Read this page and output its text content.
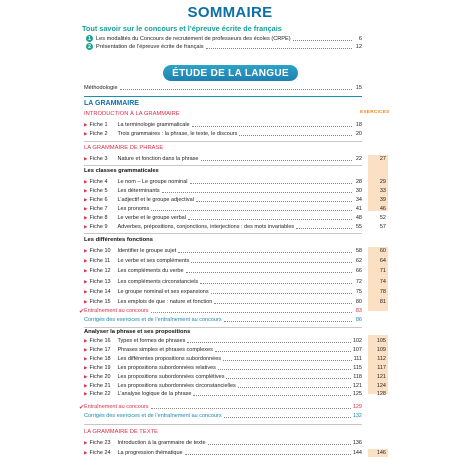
SOMMAIRE
Tout savoir sur le concours et l’épreuve écrite de français
1 Les modalités du Concours de recrutement de professeurs des écoles (CRPE)	6
2 Présentation de l’épreuve écrite de français	12
ÉTUDE DE LA LANGUE
Méthodologie	15
LA GRAMMAIRE
EXERCICES
INTRODUCTION À LA GRAMMAIRE
▶ Fiche 1	La terminologie grammaticale	18
▶ Fiche 2	Trois grammaires : la phrase, le texte, le discours	20
LA GRAMMAIRE DE PHRASE
▶ Fiche 3	Nature et fonction dans la phrase	22	27
Les classes grammaticales
▶ Fiche 4	Le nom – Le groupe nominal	28	29
▶ Fiche 5	Les déterminants	30	33
▶ Fiche 6	L’adjectif et le groupe adjectival	34	39
▶ Fiche 7	Les pronoms	41	46
▶ Fiche 8	Le verbe et le groupe verbal	48	52
▶ Fiche 9	Adverbes, prépositions, conjonctions, interjections : des mots invariables	55	57
Les différentes fonctions
▶ Fiche 10	Identifier le groupe sujet	58	60
▶ Fiche 11	Le verbe et ses compléments	62	64
▶ Fiche 12	Les compléments du verbe	66	71
▶ Fiche 13	Les compléments circonstanciels	72	74
▶ Fiche 14	Le groupe nominal et ses expansions	75	78
▶ Fiche 15	Les emplois de que : nature et fonction	80	81
✔ Entraînement au concours	83
Corrigés des exercices et de l’entraînement au concours	86
Analyser la phrase et ses propositions
▶ Fiche 16	Types et formes de phrases	102	105
▶ Fiche 17	Phrases simples et phrases complexes	107	109
▶ Fiche 18	Les différentes propositions subordonnées	111	112
▶ Fiche 19	Les propositions subordonnées relatives	115	117
▶ Fiche 20	Les propositions subordonnées complétives	118	121
▶ Fiche 21	Les propositions subordonnées circonstancielles	121	124
▶ Fiche 22	L’analyse logique de la phrase	125	128
✔ Entraînement au concours	129
Corrigés des exercices et de l’entraînement au concours	132
LA GRAMMAIRE DE TEXTE
▶ Fiche 23	Introduction à la grammaire de texte	136
▶ Fiche 24	La progression thématique	144	146
